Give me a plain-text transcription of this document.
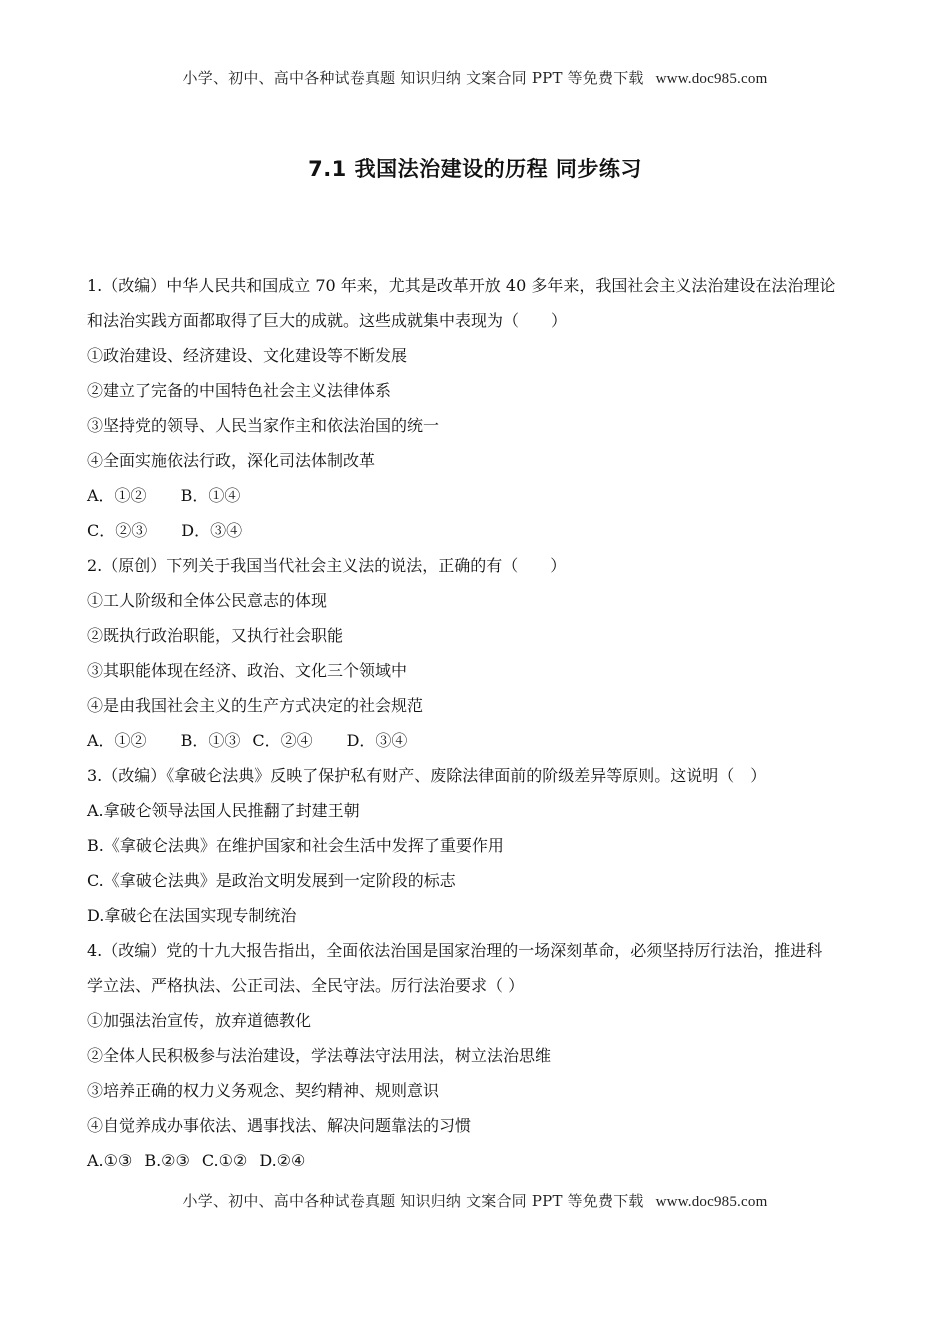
小学、初中、高中各种试卷真题 知识归纳 文案合同 PPT 等免费下载 www.doc985.com
7.1 我国法治建设的历程 同步练习
1.（改编）中华人民共和国成立 70 年来，尤其是改革开放 40 多年来，我国社会主义法治建设在法治理论
和法治实践方面都取得了巨大的成就。这些成就集中表现为（　　）
①政治建设、经济建设、文化建设等不断发展
②建立了完备的中国特色社会主义法律体系
③坚持党的领导、人民当家作主和依法治国的统一
④全面实施依法行政，深化司法体制改革
A．①② B．①④
C．②③ D．③④
2.（原创）下列关于我国当代社会主义法的说法，正确的有（　　）
①工人阶级和全体公民意志的体现
②既执行政治职能，又执行社会职能
③其职能体现在经济、政治、文化三个领域中
④是由我国社会主义的生产方式决定的社会规范
A．①② B．①③ C．②④ D．③④
3.（改编）《拿破仑法典》反映了保护私有财产、废除法律面前的阶级差异等原则。这说明（　）
A.拿破仑领导法国人民推翻了封建王朝
B.《拿破仑法典》在维护国家和社会生活中发挥了重要作用
C.《拿破仑法典》是政治文明发展到一定阶段的标志
D.拿破仑在法国实现专制统治
4.（改编）党的十九大报告指出，全面依法治国是国家治理的一场深刻革命，必须坚持厉行法治，推进科
学立法、严格执法、公正司法、全民守法。厉行法治要求（ ）
①加强法治宣传，放弃道德教化
②全体人民积极参与法治建设，学法尊法守法用法，树立法治思维
③培养正确的权力义务观念、契约精神、规则意识
④自觉养成办事依法、遇事找法、解决问题靠法的习惯
A.①③ B.②③ C.①② D.②④
小学、初中、高中各种试卷真题 知识归纳 文案合同 PPT 等免费下载 www.doc985.com
